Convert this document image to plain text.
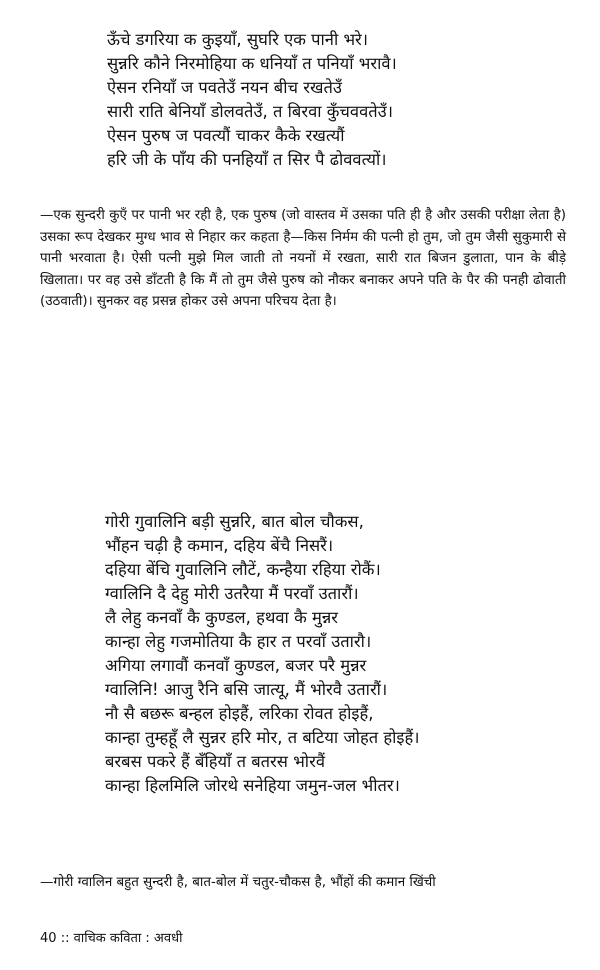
ऊँचे डगरिया क कुइयाँ, सुघरि एक पानी भरे।

सुन्नरि कौने निरमोहिया क धनियाँ त पनियाँ भरावै।

ऐसन रनियाँ ज पवतेउँ नयन बीच रखतेउँ

सारी राति बेनियाँ डोलवतेउँ, त बिरवा कुँचववतेउँ।

ऐसन पुरुष ज पवत्यौं चाकर कैके रखत्यौं

हरि जी के पाँय की पनहियाँ त सिर पै ढोववत्यों।

—एक सुन्दरी कुएँ पर पानी भर रही है, एक पुरुष (जो वास्तव में उसका पति ही है और उसकी परीक्षा लेता है) उसका रूप देखकर मुग्ध भाव से निहार कर कहता है—किस निर्मम की पत्नी हो तुम, जो तुम जैसी सुकुमारी से पानी भरवाता है। ऐसी पत्नी मुझे मिल जाती तो नयनों में रखता, सारी रात बिजन डुलाता, पान के बीड़े खिलाता। पर वह उसे डाँटती है कि मैं तो तुम जैसे पुरुष को नौकर बनाकर अपने पति के पैर की पनही ढोवाती (उठवाती)। सुनकर वह प्रसन्न होकर उसे अपना परिचय देता है।

गोरी गुवालिनि बड़ी सुन्नरि, बात बोल चौकस,

भौंहन चढ़ी है कमान, दहिय बेंचै निसरैं।

दहिया बेंचि गुवालिनि लौटें, कन्हैया रहिया रोकैं।

ग्वालिनि दै देहु मोरी उतरैया मैं परवाँ उतारौं।

लै लेहु कनवाँ कै कुण्डल, हथवा कै मुन्नर

कान्हा लेहु गजमोतिया कै हार त परवाँ उतारौ।

अगिया लगावौं कनवाँ कुण्डल, बजर परै मुन्नर

ग्वालिनि! आजु रैनि बसि जात्यू, मैं भोरवै उतारौं।

नौ सै बछरू बन्हल होइहैं, लरिका रोवत होइहैं,

कान्हा तुम्हहूँ लै सुन्नर हरि मोर, त बटिया जोहत होइहैं।

बरबस पकरे हैं बँहियाँ त बतरस भोरवैं

कान्हा हिलमिलि जोरथे सनेहिया जमुन-जल भीतर।

—गोरी ग्वालिन बहुत सुन्दरी है, बात-बोल में चतुर-चौकस है, भौंहों की कमान खिंची

40 :: वाचिक कविता : अवधी
